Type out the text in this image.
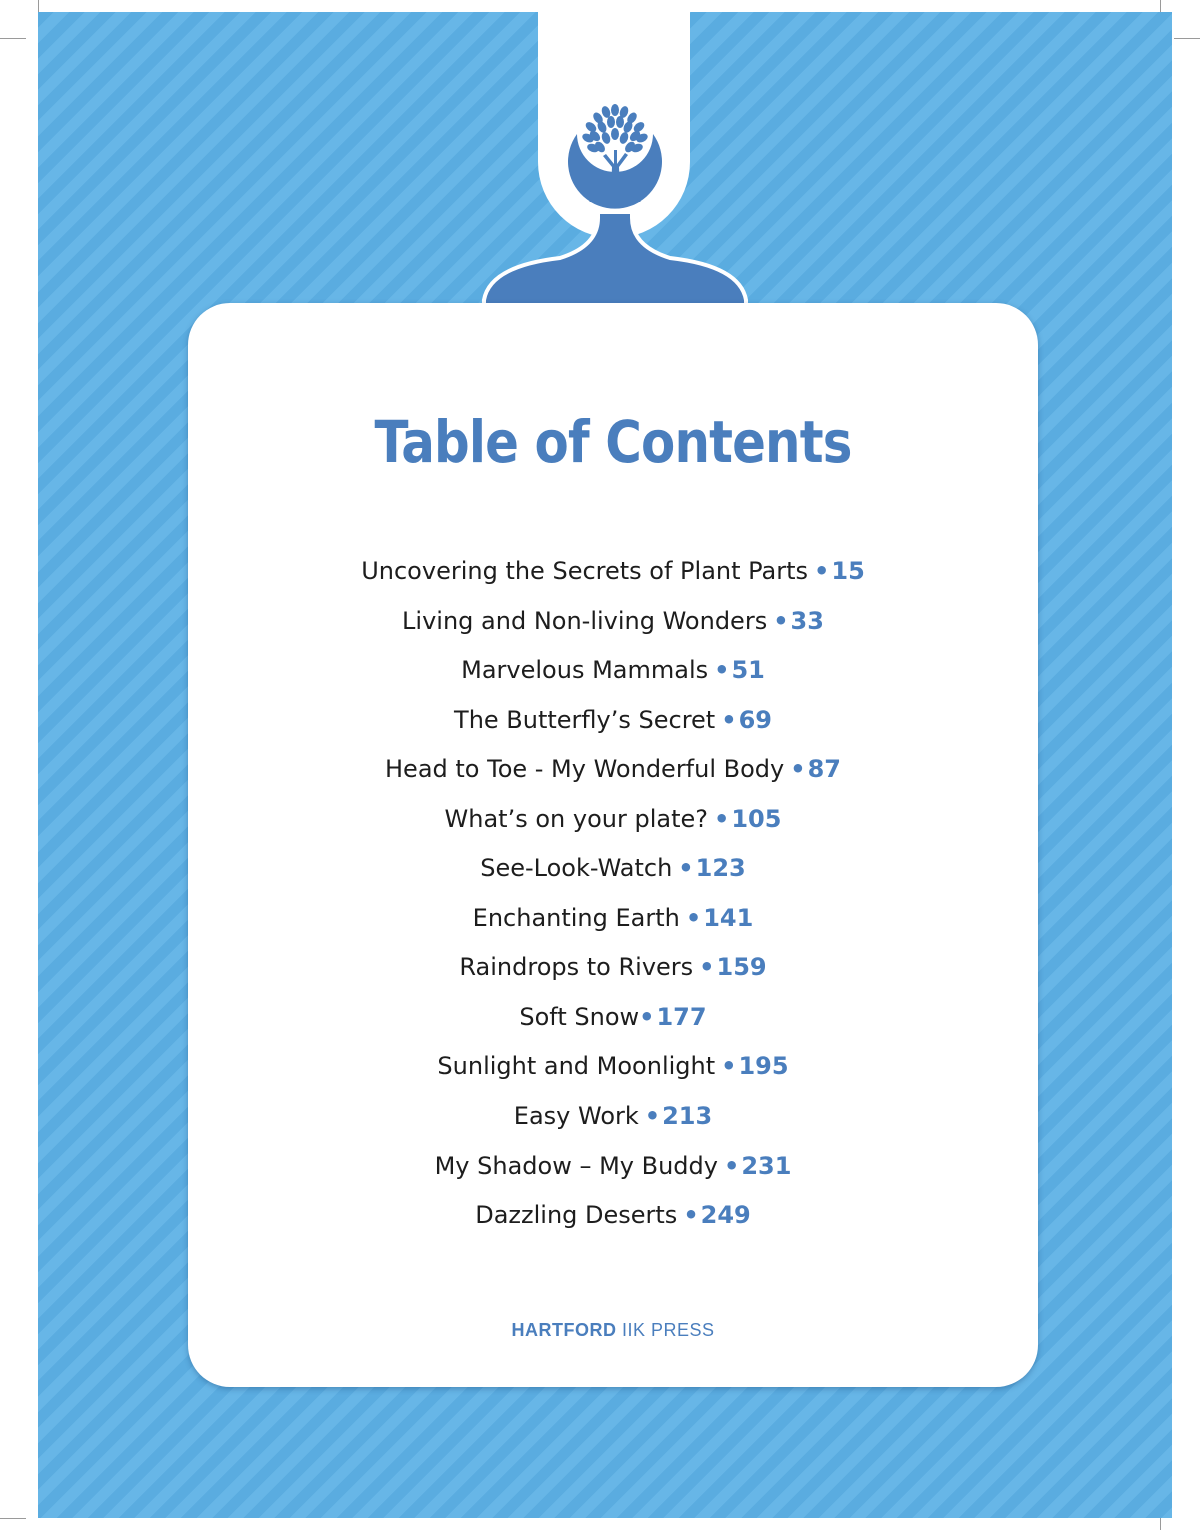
Table of Contents
Uncovering the Secrets of Plant Parts •15
Living and Non-living Wonders •33
Marvelous Mammals •51
The Butterfly’s Secret •69
Head to Toe - My Wonderful Body •87
What’s on your plate? •105
See-Look-Watch •123
Enchanting Earth •141
Raindrops to Rivers •159
Soft Snow•177
Sunlight and Moonlight •195
Easy Work •213
My Shadow – My Buddy •231
Dazzling Deserts •249
HARTFORD IIK PRESS
